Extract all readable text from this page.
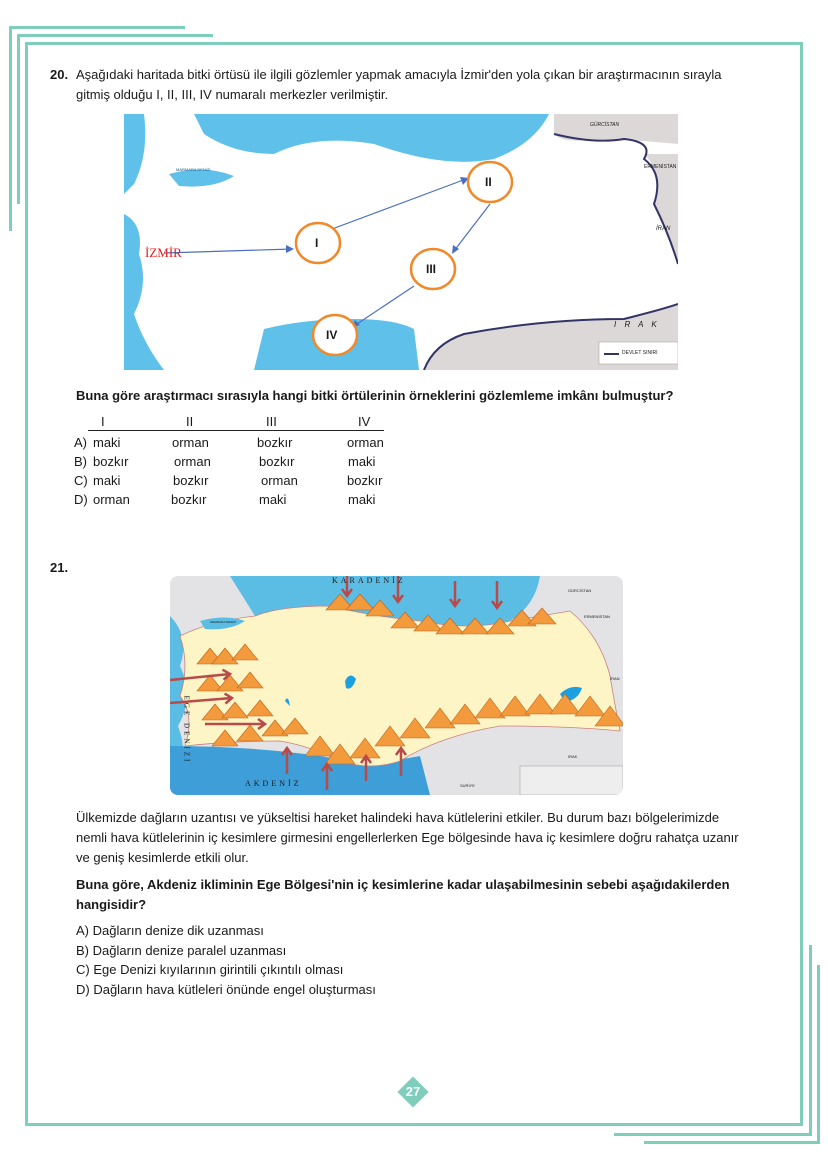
20. Aşağıdaki haritada bitki örtüsü ile ilgili gözlemler yapmak amacıyla İzmir'den yola çıkan bir araştırmacının sırayla
gitmiş olduğu I, II, III, IV numaralı merkezler verilmiştir.
I
II
III
IV
İZMİR
GÜRCİSTAN
ERMENİSTAN
İRAN
I R A K
DEVLET SINIRI
MARMARA DENİZİ
Buna göre araştırmacı sırasıyla hangi bitki örtülerinin örneklerini gözlemleme imkânı bulmuştur?
I	II	III	IV
A) maki	orman	bozkır	orman
B) bozkır	orman	bozkır	maki
C) maki	bozkır	orman	bozkır
D) orman	bozkır	maki	maki
21.
KARADENİZ
AKDENİZ
EGE DENİZİ
GÜRCİSTAN
ERMENİSTAN
İRAN
IRAK
SURİYE
MARMARA DENİZİ
Ülkemizde dağların uzantısı ve yükseltisi hareket halindeki hava kütlelerini etkiler. Bu durum bazı bölgelerimizde
nemli hava kütlelerinin iç kesimlere girmesini engellerlerken Ege bölgesinde hava iç kesimlere doğru rahatça uzanır
ve geniş kesimlerde etkili olur.
Buna göre, Akdeniz ikliminin Ege Bölgesi'nin iç kesimlerine kadar ulaşabilmesinin sebebi aşağıdakilerden
hangisidir?
A) Dağların denize dik uzanması
B) Dağların denize paralel uzanması
C) Ege Denizi kıyılarının girintili çıkıntılı olması
D) Dağların hava kütleleri önünde engel oluşturması
27
